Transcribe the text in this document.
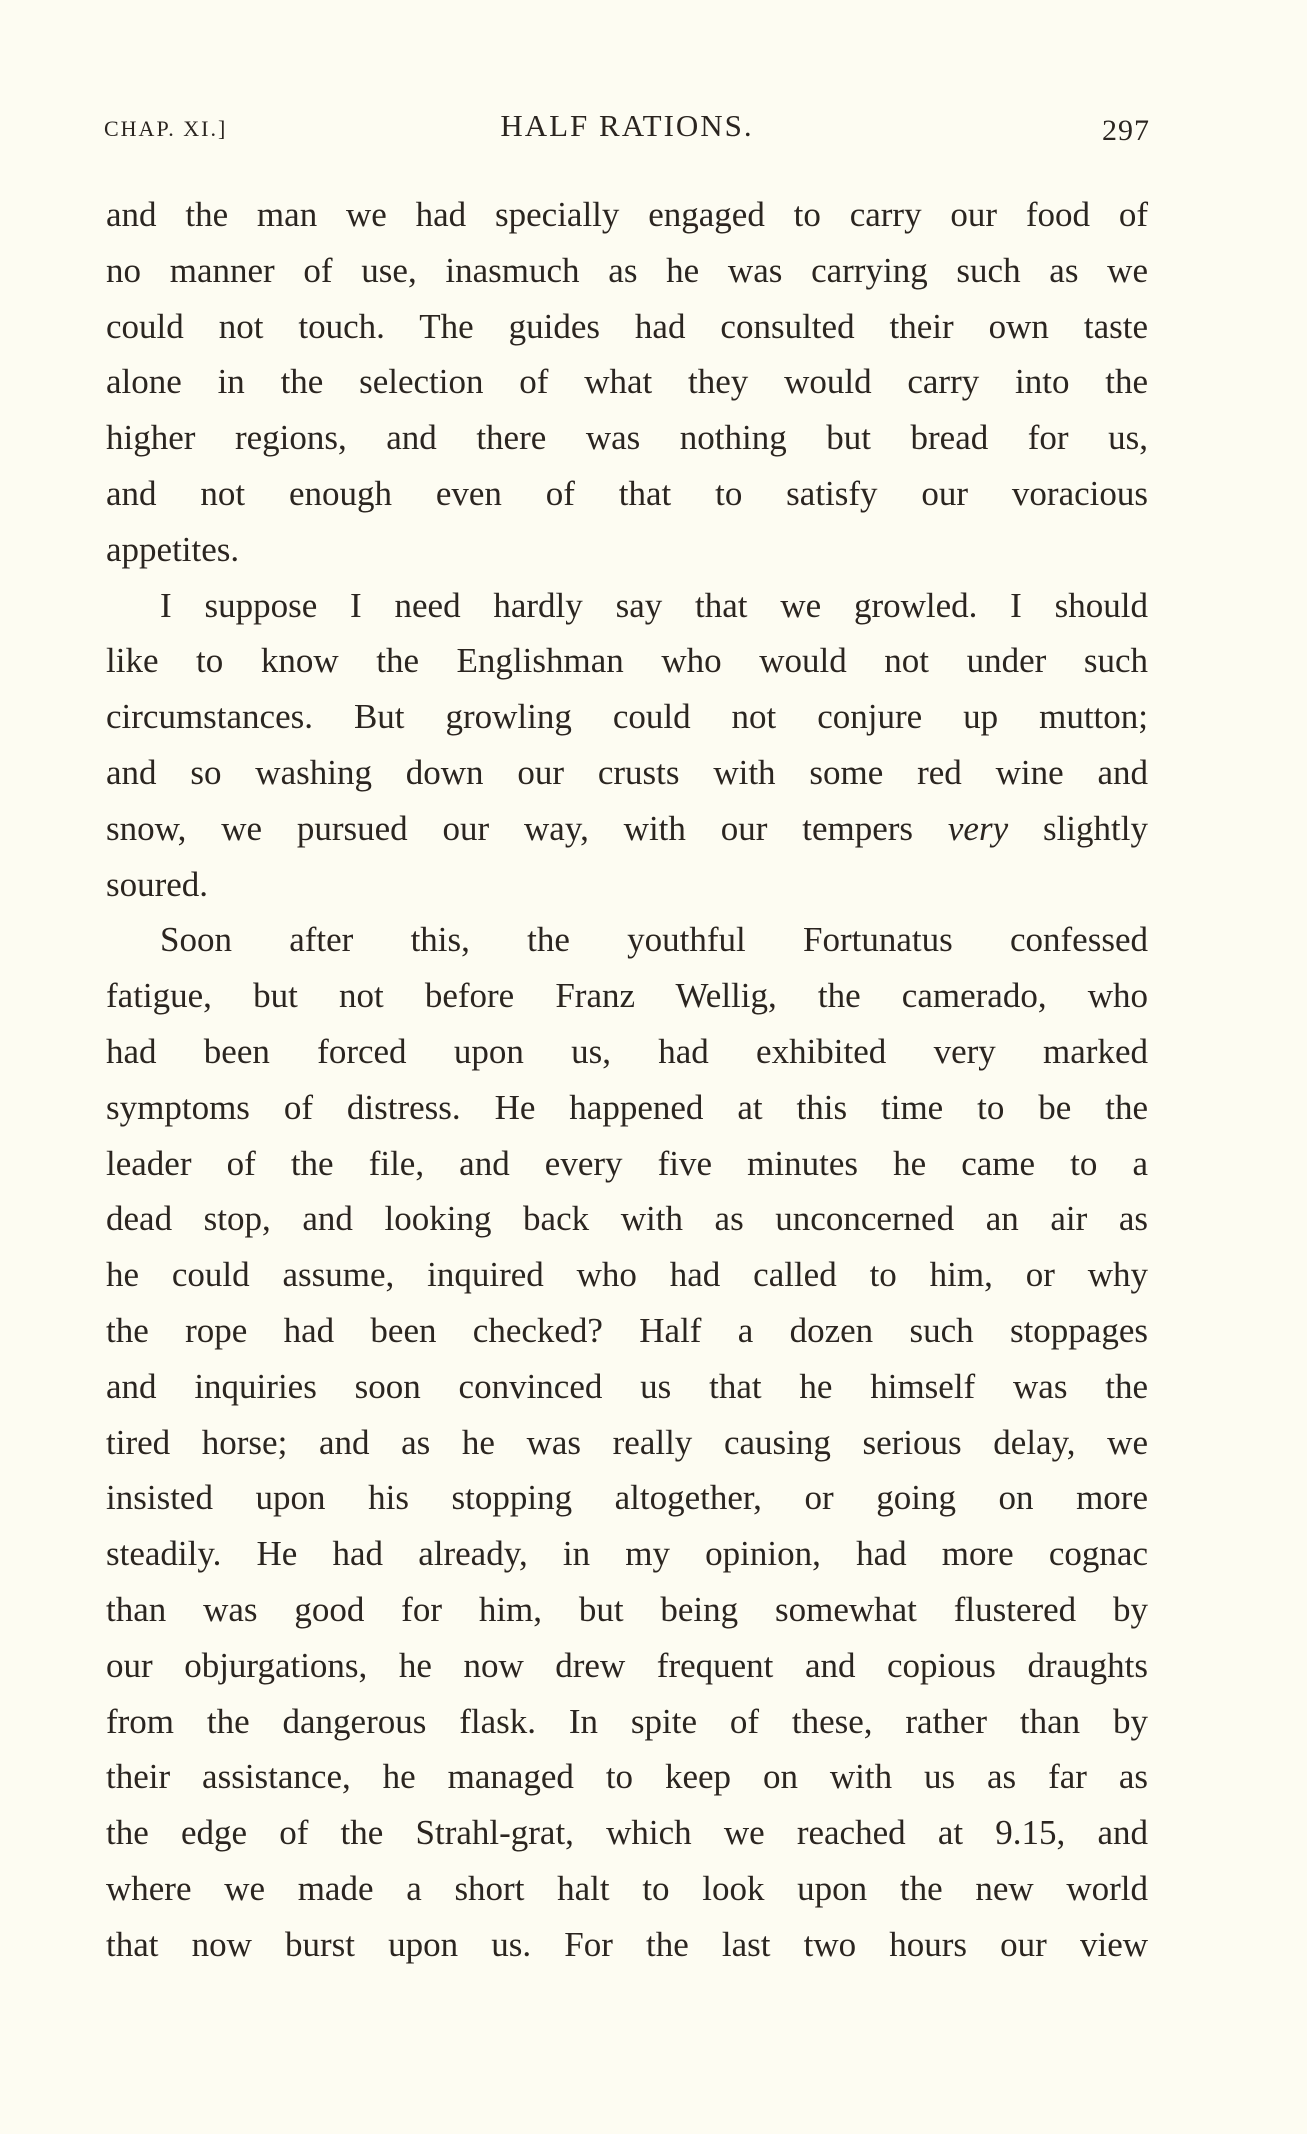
CHAP. XI.]	HALF RATIONS.	297
and the man we had specially engaged to carry our food of
no manner of use, inasmuch as he was carrying such as we
could not touch. The guides had consulted their own taste
alone in the selection of what they would carry into the
higher regions, and there was nothing but bread for us,
and not enough even of that to satisfy our voracious
appetites.
I suppose I need hardly say that we growled. I should
like to know the Englishman who would not under such
circumstances. But growling could not conjure up mutton;
and so washing down our crusts with some red wine and
snow, we pursued our way, with our tempers very slightly
soured.
Soon after this, the youthful Fortunatus confessed
fatigue, but not before Franz Wellig, the camerado, who
had been forced upon us, had exhibited very marked
symptoms of distress. He happened at this time to be the
leader of the file, and every five minutes he came to a
dead stop, and looking back with as unconcerned an air as
he could assume, inquired who had called to him, or why
the rope had been checked? Half a dozen such stoppages
and inquiries soon convinced us that he himself was the
tired horse; and as he was really causing serious delay, we
insisted upon his stopping altogether, or going on more
steadily. He had already, in my opinion, had more cognac
than was good for him, but being somewhat flustered by
our objurgations, he now drew frequent and copious draughts
from the dangerous flask. In spite of these, rather than by
their assistance, he managed to keep on with us as far as
the edge of the Strahl-grat, which we reached at 9.15, and
where we made a short halt to look upon the new world
that now burst upon us. For the last two hours our view
